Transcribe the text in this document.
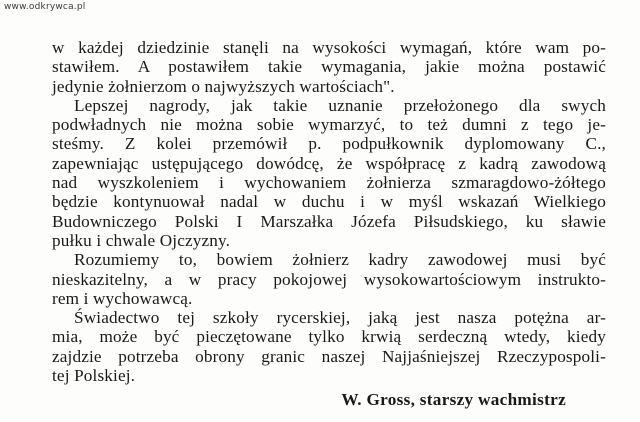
www.odkrywca.pl
w każdej dziedzinie stanęli na wysokości wymagań, które wam po-
stawiłem. A postawiłem takie wymagania, jakie można postawić
jedynie żołnierzom o najwyższych wartościach".
Lepszej nagrody, jak takie uznanie przełożonego dla swych
podwładnych nie można sobie wymarzyć, to też dumni z tego je-
steśmy. Z kolei przemówił p. podpułkownik dyplomowany C.,
zapewniając ustępującego dowódcę, że współpracę z kadrą zawodową
nad wyszkoleniem i wychowaniem żołnierza szmaragdowo-żółtego
będzie kontynuował nadal w duchu i w myśl wskazań Wielkiego
Budowniczego Polski I Marszałka Józefa Piłsudskiego, ku sławie
pułku i chwale Ojczyzny.
Rozumiemy to, bowiem żołnierz kadry zawodowej musi być
nieskazitelny, a w pracy pokojowej wysokowartościowym instrukto-
rem i wychowawcą.
Świadectwo tej szkoły rycerskiej, jaką jest nasza potężna ar-
mia, może być pieczętowane tylko krwią serdeczną wtedy, kiedy
zajdzie potrzeba obrony granic naszej Najjaśniejszej Rzeczypospoli-
tej Polskiej.
W. Gross, starszy wachmistrz
